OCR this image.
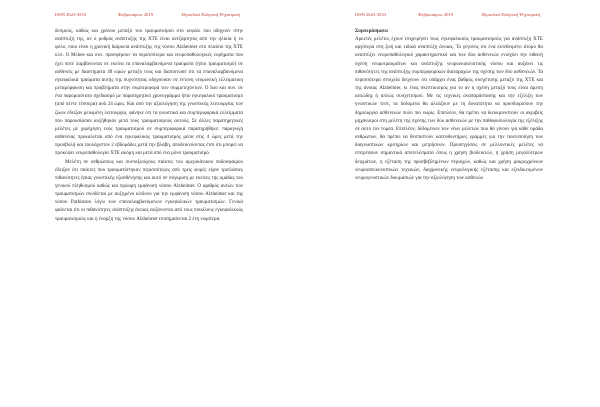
ISSN 2623-3533	Φεβρουάριος 2019	Περιοδικό Ελληνική Ψυχιατρική

δεσμούς, καθώς και χρόνου μεταξύ του τραυματισμού στο κεφάλι που οδηγούν στην ανάπτυξη της, αν ο ρυθμός ανάπτυξης της ΧΤΕ είναι ανεξάρτητος από την ηλικία ή το φύλο, ποιο είναι η χρονική διάρκεια ανάπτυξης της νόσου Alzheimer στο πλαίσιο της ΧΤΕ κλπ. Ο Mckee και συν. προσφέρουν τα περισσότερα και νευροπαθολογικές ευρήματα που έχει ποτέ λαμβάνονται σε εκείνα τα επαναλαμβανόμενα τραύματα (ήπιο τραυματισμό) σε ασθενείς με διαστήματα 48 ωρών μεταξύ τους και διαπίστωσε ότι τα επαναλαμβανόμενα εγκεφαλικά τραύματα αυτής της συχνότητας οδηγούσαν σε έντονη νευρωνική ελλειματικη μεταμόρφωση και προβλήματα στην συμπεριφορά των συμμετεχόντων. Ο Ιωο και συν. σε ένα παρομοιότατο σχεδιασμό με παρατηρητικό χρονογράμμα ήπιο εγκεφαλικό τραυματισμό (από πέντε τέσσερα) ανά 24 ώρες. Και από την αξιολόγηση της γνωστικής λειτουργίας των ζώων έδειξαν μειωμένη λειτουργία, φάνηκε ότι τα γνωστικά και συμπεριφορικά ελλείμματα που παρουσίασαν αυξήθηκαν μετά τους τραυματισμούς αυτούς. Σε άλλες παρατηρητικές μελέτες με χορήγηση ενός τραυματισμού σε συμπεριφορικά παρατηρήθηκε: παραγωγή ασθενείας προκαλείται από ένα εγκεφαλικός τραυματισμός μέσα στις 4 ώρες μετά την προσβολή και τουλάχιστον 2 εβδομάδες μετά την βλάβη, αποδεικνύοντας έτσι ότι μπορεί να προκύψει νευροπαθολογία ΧΤΕ ακόμη και μετά από ένα μόνο τραυματισμό.

Μελέτη σε ανθρώπους και συνταξιούχους παίκτες του αμερικάνικου ποδοσφαίρου έδειξαν ότι παίκτες που τραυματίστηκαν περισσότερες από τρεις φορές είχαν τριπλάσιες πιθανότητες ήπιας γνωστικής εξασθένησης και αυτό σε σύγκριση με εκείνες της ομάδας του γενικού πληθυσμού καθώς και πρόωρη εμφάνιση νόσου Alzheimer. Ο αριθμός αυτών των τραυματισμών συνδέεται με αυξημένο κίνδυνο για την εμφάνιση νόσου Alzheimer και της νόσου Parkinson λόγω των επαναλαμβανόμενων εγκεφαλικών τραυματισμών. Γενικά φαίνεται ότι οι πιθανότητες ανάπτυξης άνοιας αυξάνονται από τους ποικίλους εγκεφαλικούς τραυματισμούς και η έναρξη της νόσου Alzheimer επισημαίνεται 2 έτη νωρίτερα.

ISSN 2623-3533	Φεβρουάριος 2019	Περιοδικό Ελληνική Ψυχιατρική

Συμπεράσματα

Αρκετές μελέτες έχουν επιχειρήσει τους εγκεφαλικούς τραυματισμούς για ανάπτυξη ΧΤΕ αργότερα στη ζωή και ειδικά αναπτύξη άνοιας. Το γεγονός ότι ένα εκτεθειμένο άτομο θα αναπτύξει νευροπαθολογικό χαρακτηριστικό και των δύο ασθενειών ενισχύει την πιθανή σχέση νευροτραυμάτων και ανάπτυξης νευροεκφυλιστικής νόσου και αυξάνει τις πιθανότητες της ανάπτυξης συμπεριφορικών διαταραχών της σχέσης των δύο ασθενειών. Τα περισσότερα στοιχεία δείχνουν ότι υπάρχει ένας βαθμός συσχέτισης μεταξύ της ΧΤΕ και της άνοιας Alzheimer, κι ένας σκεπτικισμός για το αν η σχέση μεταξύ τους είναι άμεση αιτιώδης ή απλώς συσχετισμού. Με τις τεχνικές αναπαράστασης και την εξέλιξη των γνωστικών τεστ, τα δεδομένα θα αλλάζουν με τη δυνατότητα να προσδιορίσουν την δημιουργία ασθενειών πολύ πιο νωρίς. Επιπλέον, θα πρέπει να διευκρινιστούν οι ακριβείς μηχανισμοί στη μελέτη της σχέσης των δύο ασθενειών με την παθοφυσιολογία της εξέλιξης σε αυτό τον τομέα. Επιπλέον, δεδομένων των νέων μελετών που θα γίνουν για κάθε ομάδα ανθρώπων, θα πρέπει να θεσπιστούν κατευθυντήριες γραμμές για την ταυτοποίηση των διαγνωστικών κριτηρίων και μετρήσεων. Προσεγγίσεις σε μελλοντικές μελέτες να επιτρέψουν σημαντικά αποτελέσματα όπως η χρήση βιοδεικτών, η χρήση μεγαλύτερων δειγμάτων, η εξέταση της προσβεβλημένων περιοχών, καθώς και χρήση μακροχρόνιων νευροαπεικονιστικών τεχνικών, διαχρονικής νευρολογικής εξέτασης και εξειδικευμένων νευρογνωστικών δοκιμασιών για την αξιολόγηση των ασθενών.
